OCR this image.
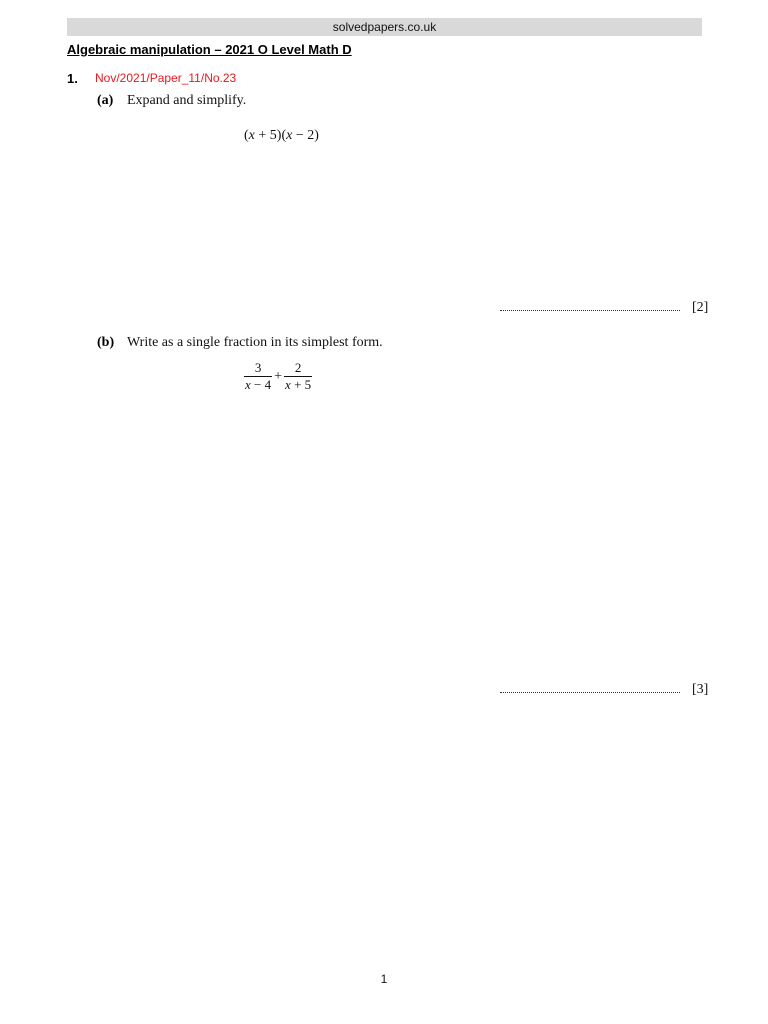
solvedpapers.co.uk
Algebraic manipulation – 2021 O Level Math D
1. Nov/2021/Paper_11/No.23
(a) Expand and simplify.
(x + 5)(x − 2)
[2]
(b) Write as a single fraction in its simplest form.
$\frac{3}{x - 4} + \frac{2}{x + 5}$
[3]
1
